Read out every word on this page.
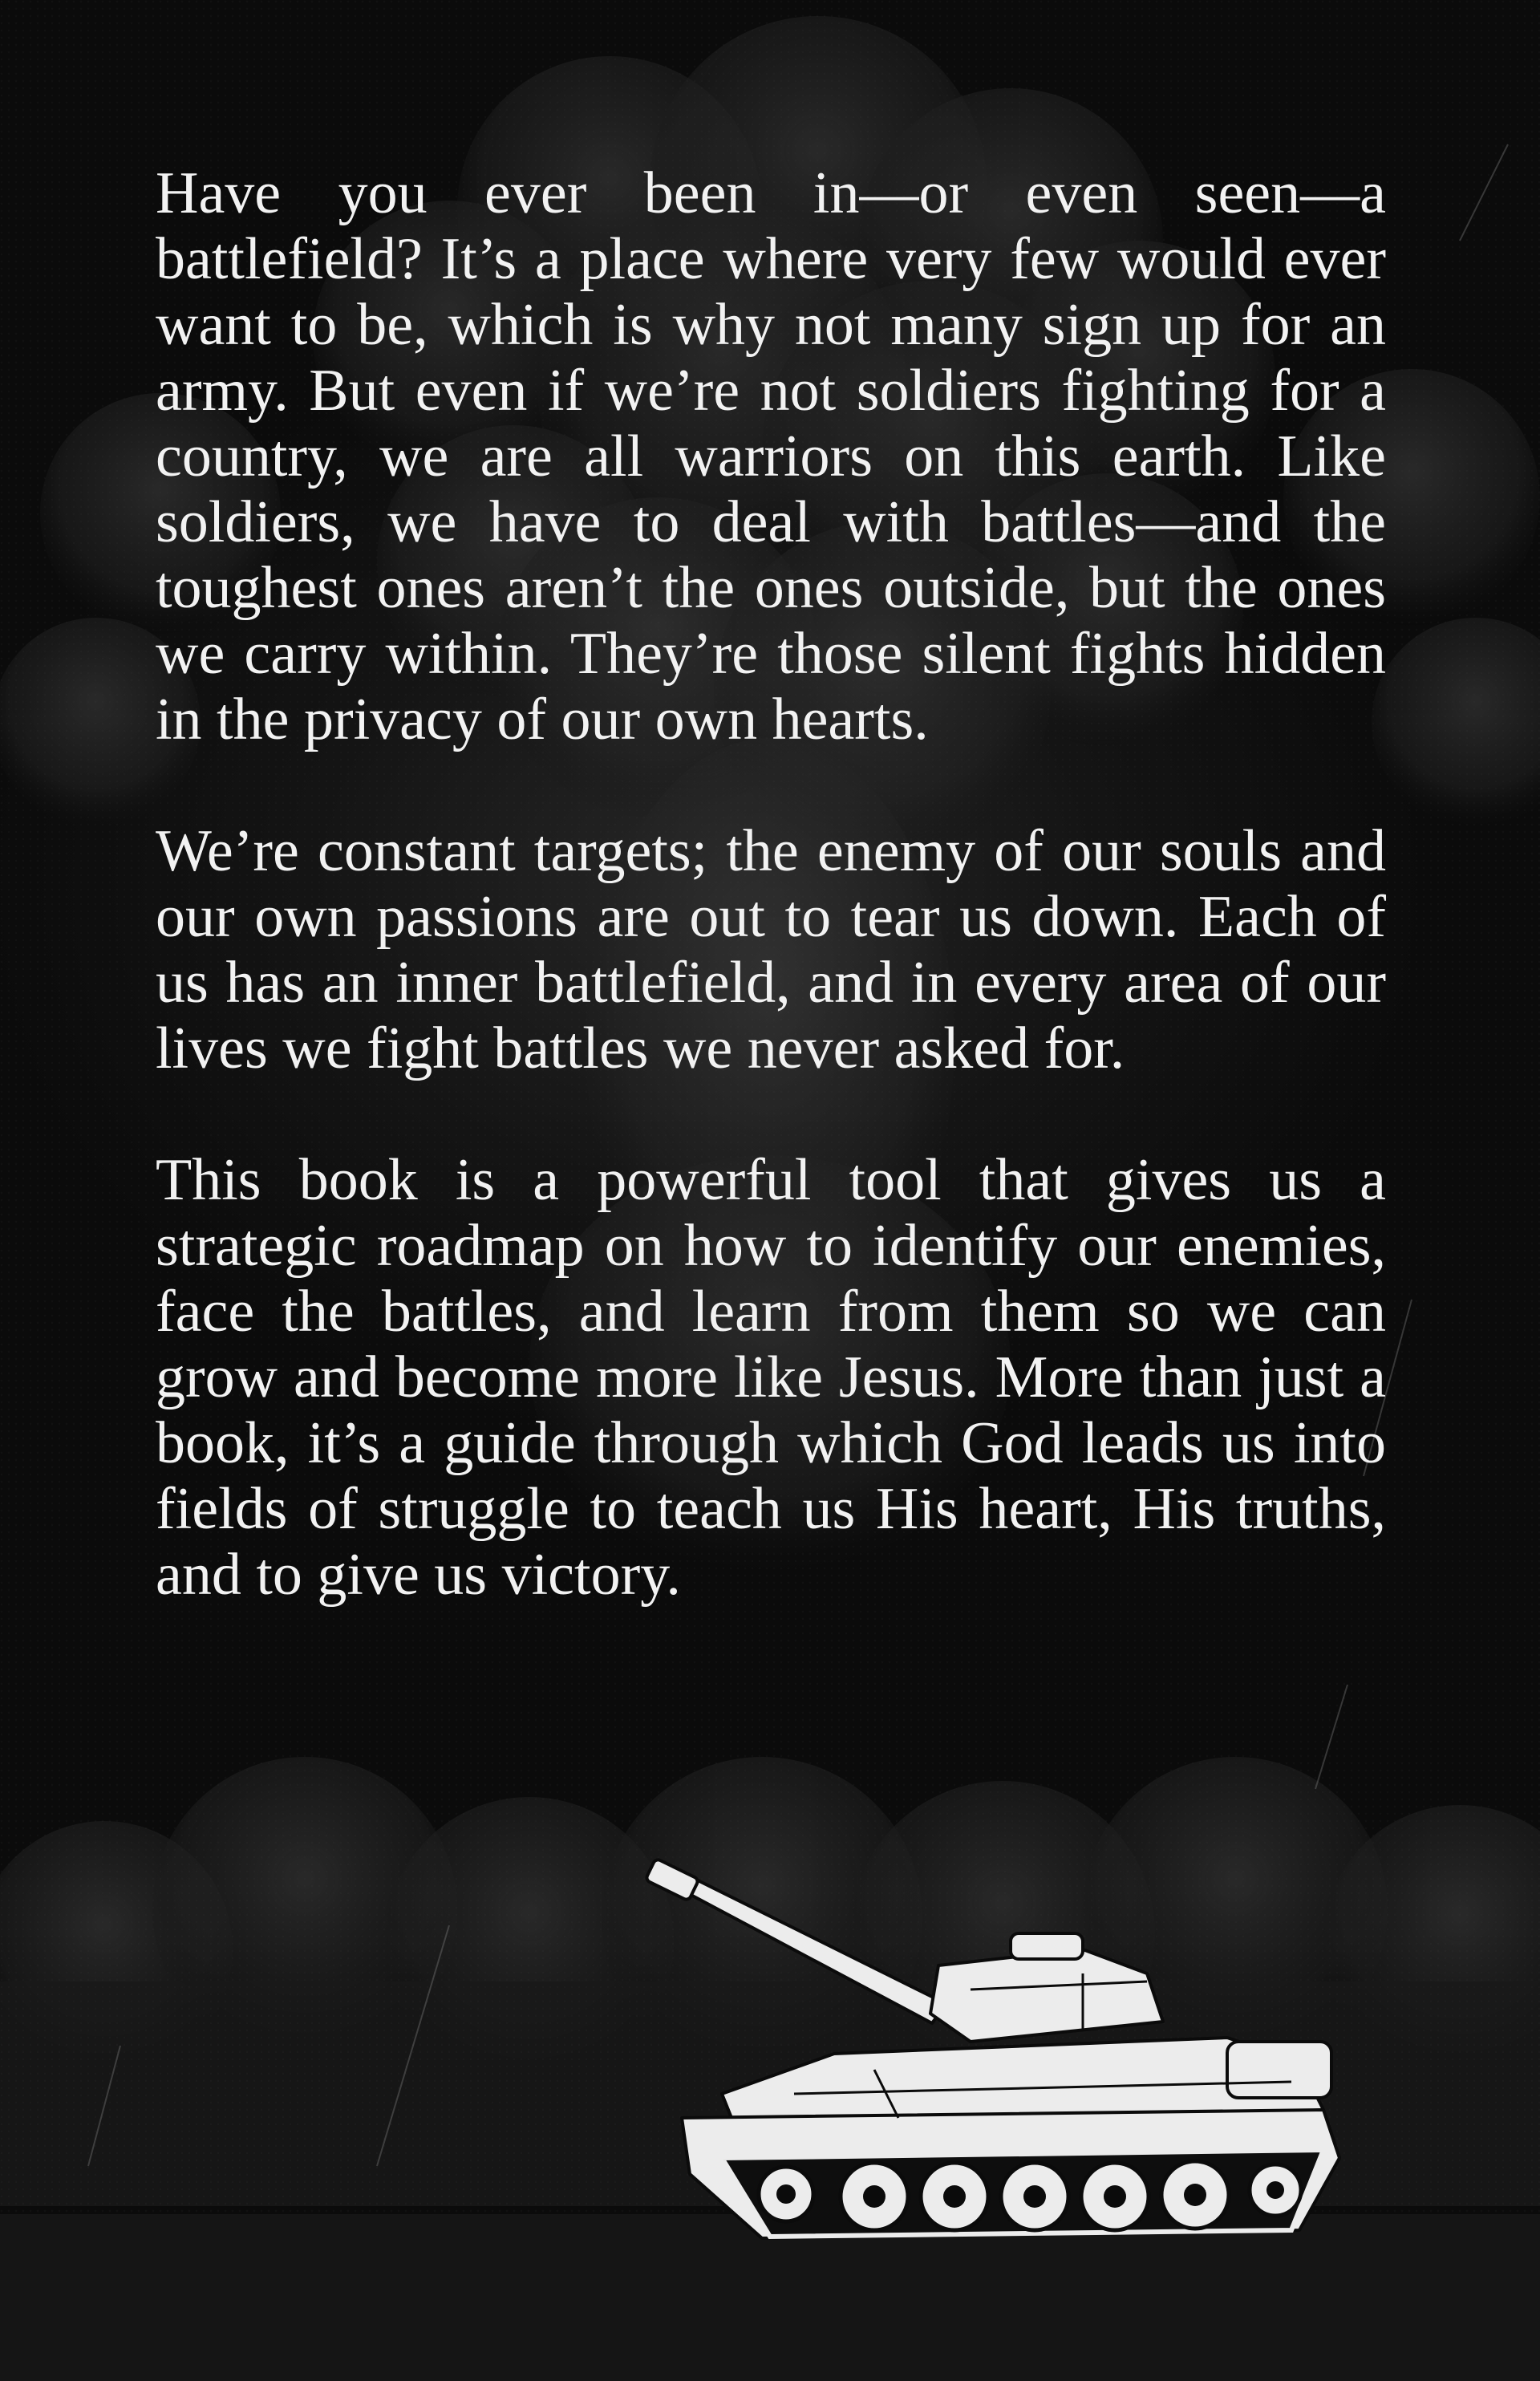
Have you ever been in—or even seen—a battlefield? It’s a place where very few would ever want to be, which is why not many sign up for an army. But even if we’re not soldiers fighting for a country, we are all warriors on this earth. Like soldiers, we have to deal with battles—and the toughest ones aren’t the ones outside, but the ones we carry within. They’re those silent fights hidden in the privacy of our own hearts.

We’re constant targets; the enemy of our souls and our own passions are out to tear us down. Each of us has an inner battlefield, and in every area of our lives we fight battles we never asked for.

This book is a powerful tool that gives us a strategic roadmap on how to identify our enemies, face the battles, and learn from them so we can grow and become more like Jesus. More than just a book, it’s a guide through which God leads us into fields of struggle to teach us His heart, His truths, and to give us victory.
